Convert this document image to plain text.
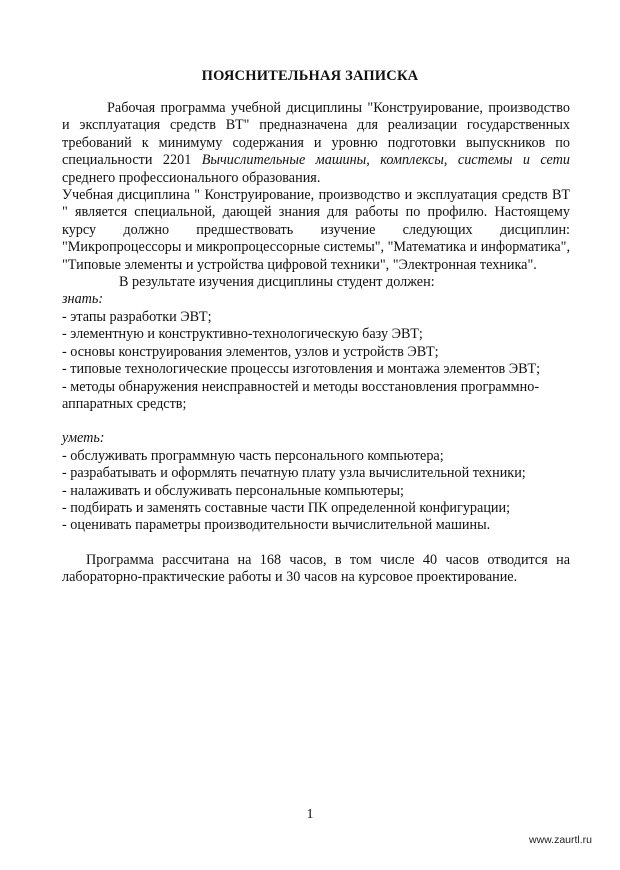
ПОЯСНИТЕЛЬНАЯ ЗАПИСКА

Рабочая программа учебной дисциплины "Конструирование, производство и эксплуатация средств ВТ" предназначена для реализации государственных требований к минимуму содержания и уровню подготовки выпускников по специальности 2201 Вычислительные машины, комплексы, системы и сети среднего профессионального образования.

Учебная дисциплина " Конструирование, производство и эксплуатация средств ВТ " является специальной, дающей знания для работы по профилю. Настоящему курсу должно предшествовать изучение следующих дисциплин: "Микропроцессоры и микропроцессорные системы", "Математика и информатика", "Типовые элементы и устройства цифровой техники", "Электронная техника".

В результате изучения дисциплины студент должен:

знать:

- этапы разработки ЭВТ;
- элементную и конструктивно-технологическую базу ЭВТ;
- основы конструирования элементов, узлов и устройств ЭВТ;
- типовые технологические процессы изготовления и монтажа элементов ЭВТ;
- методы обнаружения неисправностей и методы восстановления программно-аппаратных средств;

уметь:

- обслуживать программную часть персонального компьютера;
- разрабатывать и оформлять печатную плату узла вычислительной техники;
- налаживать и обслуживать персональные компьютеры;
- подбирать и заменять составные части ПК определенной конфигурации;
- оценивать параметры производительности вычислительной машины.

Программа рассчитана на 168 часов, в том числе 40 часов отводится на лабораторно-практические работы и 30 часов на курсовое проектирование.

1
www.zaurtl.ru
